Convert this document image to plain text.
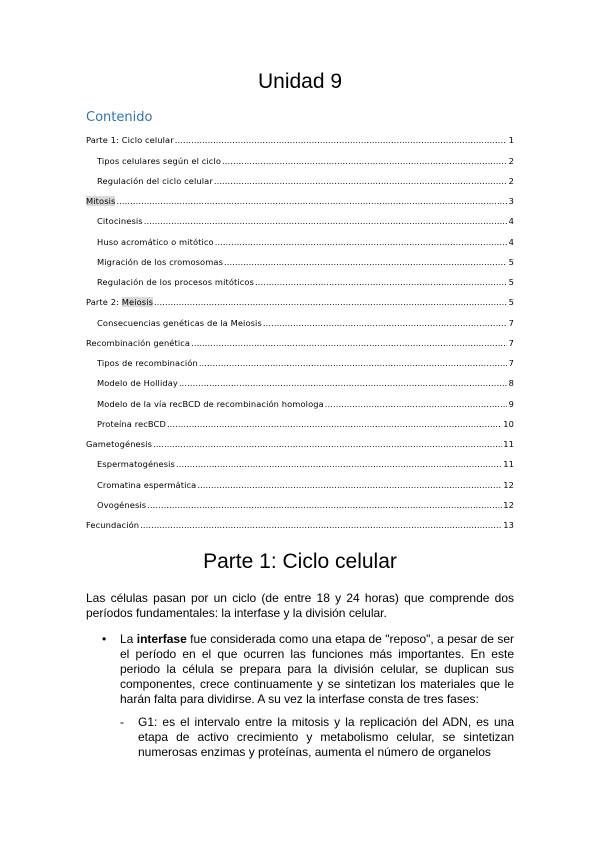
Unidad 9
Contenido
Parte 1: Ciclo celular .....	1
Tipos celulares según el ciclo .....	2
Regulación del ciclo celular .....	2
Mitosis .....	3
Citocinesis .....	4
Huso acromático o mitótico .....	4
Migración de los cromosomas .....	5
Regulación de los procesos mitóticos .....	5
Parte 2: Meiosis .....	5
Consecuencias genéticas de la Meiosis .....	7
Recombinación genética .....	7
Tipos de recombinación .....	7
Modelo de Holliday .....	8
Modelo de la vía recBCD de recombinación homologa .....	9
Proteína recBCD .....	10
Gametogénesis .....	11
Espermatogénesis .....	11
Cromatina espermática .....	12
Ovogénesis .....	12
Fecundación .....	13
Parte 1: Ciclo celular
Las células pasan por un ciclo (de entre 18 y 24 horas) que comprende dos períodos fundamentales: la interfase y la división celular.
• La interfase fue considerada como una etapa de "reposo", a pesar de ser el período en el que ocurren las funciones más importantes. En este periodo la célula se prepara para la división celular, se duplican sus componentes, crece continuamente y se sintetizan los materiales que le harán falta para dividirse. A su vez la interfase consta de tres fases:
- G1: es el intervalo entre la mitosis y la replicación del ADN, es una etapa de activo crecimiento y metabolismo celular, se sintetizan numerosas enzimas y proteínas, aumenta el número de organelos
